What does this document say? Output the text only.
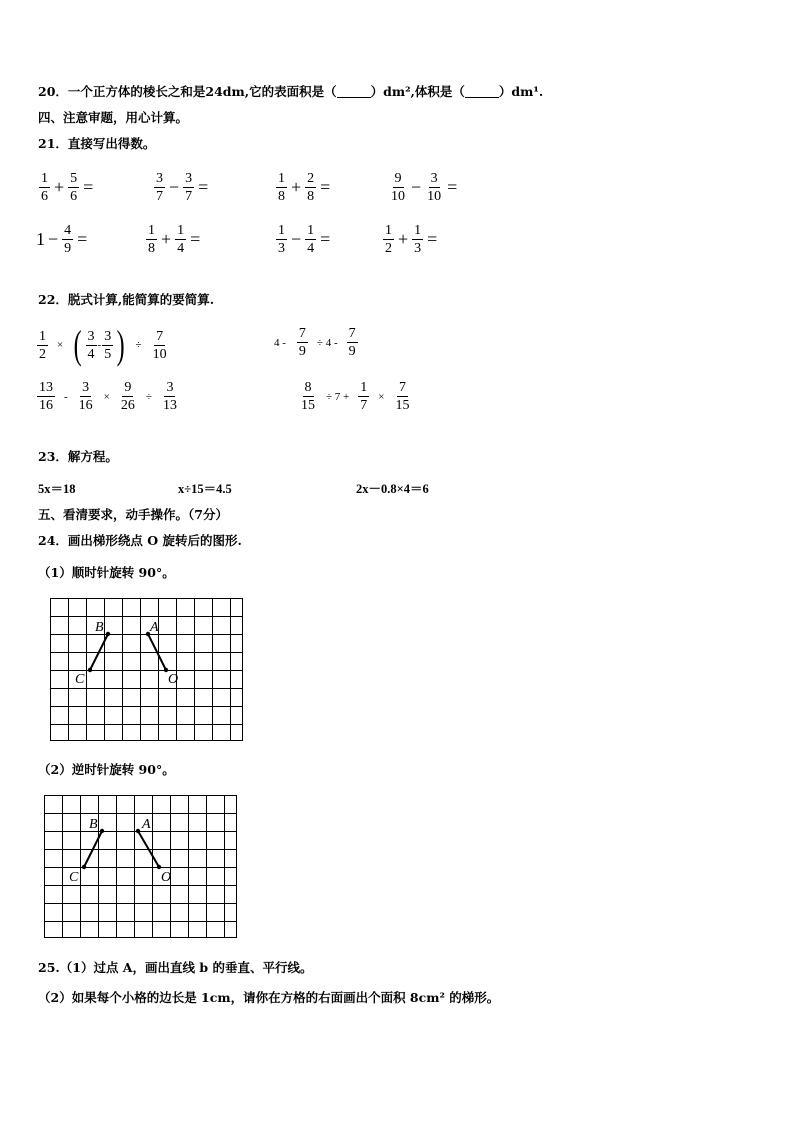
20．一个正方体的棱长之和是24dm,它的表面积是（	）dm²,体积是（	）dm¹.
四、注意审题，用心计算。
21．直接写出得数。
$\frac{1}{6} + \frac{5}{6}$ =	$\frac{3}{7} - \frac{3}{7}$ =	$\frac{1}{8} + \frac{2}{8}$ =	$\frac{9}{10} - \frac{3}{10}$ =
$1 - \frac{4}{9}$ =	$\frac{1}{8} + \frac{1}{4}$ =	$\frac{1}{3} - \frac{1}{4}$ =	$\frac{1}{2} + \frac{1}{3}$ =
22．脱式计算,能简算的要简算.
$\frac{1}{2}$ × ( $\frac{3}{4} - \frac{3}{5}$ ) ÷ $\frac{7}{10}$	$4 - \frac{7}{9} \div 4 - \frac{7}{9}$
$\frac{13}{16} - \frac{3}{16} \times \frac{9}{26} \div \frac{3}{13}$	$\frac{8}{15} \div 7 + \frac{1}{7} \times \frac{7}{15}$
23．解方程。
5x＝18	x÷15＝4.5	2x－0.8×4＝6
五、看清要求，动手操作。（7分）
24．画出梯形绕点 O 旋转后的图形.
（1）顺时针旋转 90°。
B	A
C	O
（2）逆时针旋转 90°。
B	A
C	O
25.（1）过点 A，画出直线 b 的垂直、平行线。
（2）如果每个小格的边长是 1cm，请你在方格的右面画出个面积 8cm² 的梯形。
